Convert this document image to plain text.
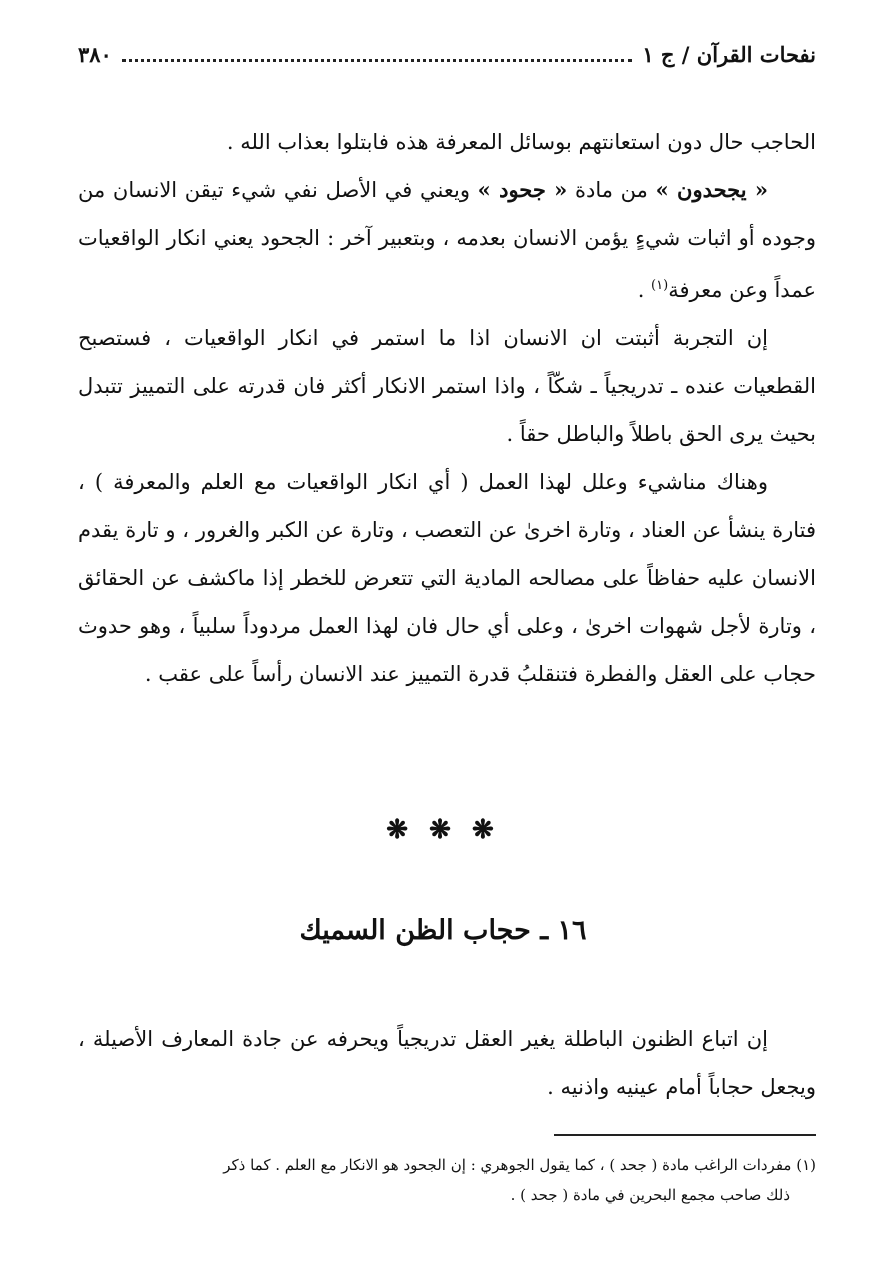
نفحات القرآن / ج ١
٣٨٠

الحاجب حال دون استعانتهم بوسائل المعرفة هذه فابتلوا بعذاب الله .

« يجحدون » من مادة « جحود » ويعني في الأصل نفي شيء تيقن الانسان من وجوده أو اثبات شيءٍ يؤمن الانسان بعدمه ، وبتعبير آخر : الجحود يعني انكار الواقعيات عمداً وعن معرفة$^{(١)}$ .

إن التجربة أثبتت ان الانسان اذا ما استمر في انكار الواقعيات ، فستصبح القطعيات عنده ـ تدريجياً ـ شكّاً ، واذا استمر الانكار أكثر فان قدرته على التمييز تتبدل بحيث يرى الحق باطلاً والباطل حقاً .

وهناك مناشيء وعلل لهذا العمل ( أي انكار الواقعيات مع العلم والمعرفة ) ، فتارة ينشأ عن العناد ، وتارة اخرىٰ عن التعصب ، وتارة عن الكبر والغرور ، و تارة يقدم الانسان عليه حفاظاً على مصالحه المادية التي تتعرض للخطر إذا ماكشف عن الحقائق ، وتارة لأجل شهوات اخرىٰ ، وعلى أي حال فان لهذا العمل مردوداً سلبياً ، وهو حدوث حجاب على العقل والفطرة فتنقلبُ قدرة التمييز عند الانسان رأساً على عقب .

❋ ❋ ❋
١٦ ـ حجاب الظن السميك

إن اتباع الظنون الباطلة يغير العقل تدريجياً ويحرفه عن جادة المعارف الأصيلة ، ويجعل حجاباً أمام عينيه واذنيه .

(١) مفردات الراغب مادة ( جحد ) ، كما يقول الجوهري : إن الجحود هو الانكار مع العلم . كما ذكر

ذلك صاحب مجمع البحرين في مادة ( جحد ) .
